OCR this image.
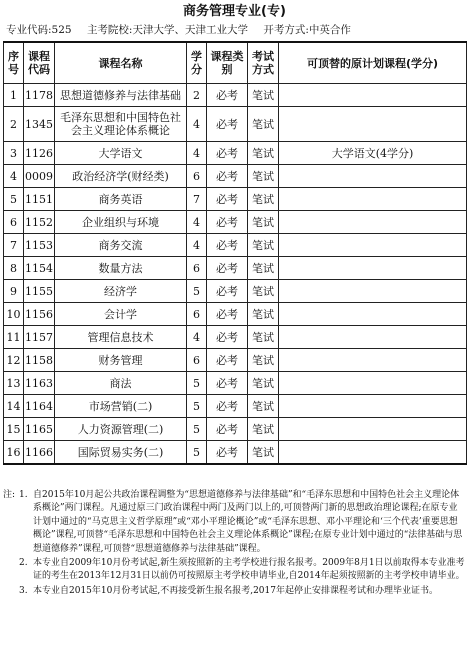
商务管理专业(专)
专业代码:525 主考院校:天津大学、天津工业大学 开考方式:中英合作
序号	课程代码	课程名称	学分	课程类别	考试方式	可顶替的原计划课程(学分)
1	1178	思想道德修养与法律基础	2	必考	笔试	
2	1345	毛泽东思想和中国特色社会主义理论体系概论	4	必考	笔试	
3	1126	大学语文	4	必考	笔试	大学语文(4学分)
4	0009	政治经济学(财经类)	6	必考	笔试	
5	1151	商务英语	7	必考	笔试	
6	1152	企业组织与环境	4	必考	笔试	
7	1153	商务交流	4	必考	笔试	
8	1154	数量方法	6	必考	笔试	
9	1155	经济学	5	必考	笔试	
10	1156	会计学	6	必考	笔试	
11	1157	管理信息技术	4	必考	笔试	
12	1158	财务管理	6	必考	笔试	
13	1163	商法	5	必考	笔试	
14	1164	市场营销(二)	5	必考	笔试	
15	1165	人力资源管理(二)	5	必考	笔试	
16	1166	国际贸易实务(二)	5	必考	笔试	
注: 1. 自2015年10月起公共政治课程调整为“思想道德修养与法律基础”和“毛泽东思想和中国特色社会主义理论体系概论”两门课程。凡通过原三门政治课程中两门及两门以上的,可顶替两门新的思想政治理论课程;在原专业计划中通过的“马克思主义哲学原理”或“邓小平理论概论”或“毛泽东思想、邓小平理论和‘三个代表’重要思想概论”课程,可顶替“毛泽东思想和中国特色社会主义理论体系概论”课程;在原专业计划中通过的“法律基础与思想道德修养”课程,可顶替“思想道德修养与法律基础”课程。
2. 本专业自2009年10月份考试起,新生须按照新的主考学校进行报名报考。2009年8月1日以前取得本专业准考证的考生在2013年12月31日以前仍可按照原主考学校申请毕业,自2014年起须按照新的主考学校申请毕业。
3. 本专业自2015年10月份考试起,不再接受新生报名报考,2017年起停止安排课程考试和办理毕业证书。
